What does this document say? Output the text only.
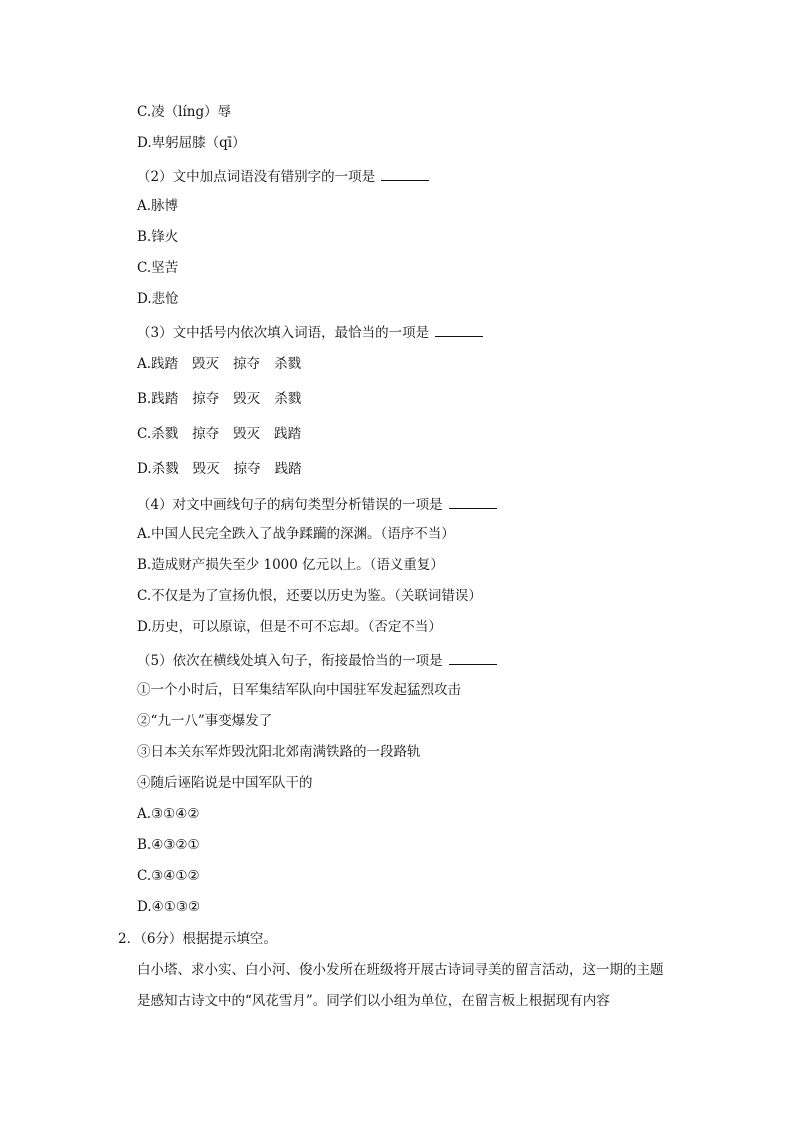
C.凌（líng）辱
D.卑躬屈膝（qī）
（2）文中加点词语没有错别字的一项是
A.脉博
B.锋火
C.坚苦
D.悲怆
（3）文中括号内依次填入词语，最恰当的一项是
A.践踏 毁灭 掠夺 杀戮
B.践踏 掠夺 毁灭 杀戮
C.杀戮 掠夺 毁灭 践踏
D.杀戮 毁灭 掠夺 践踏
（4）对文中画线句子的病句类型分析错误的一项是
A.中国人民完全跌入了战争蹂躏的深渊。（语序不当）
B.造成财产损失至少 1000 亿元以上。（语义重复）
C.不仅是为了宣扬仇恨，还要以历史为鉴。（关联词错误）
D.历史，可以原谅，但是不可不忘却。（否定不当）
（5）依次在横线处填入句子，衔接最恰当的一项是
①一个小时后，日军集结军队向中国驻军发起猛烈攻击
②“九一八”事变爆发了
③日本关东军炸毁沈阳北郊南满铁路的一段路轨
④随后诬陷说是中国军队干的
A.③①④②
B.④③②①
C.③④①②
D.④①③②
2．（6分）根据提示填空。
白小塔、求小实、白小河、俊小发所在班级将开展古诗词寻美的留言活动，这一期的主题是感知古诗文中的“风花雪月”。同学们以小组为单位，在留言板上根据现有内容
